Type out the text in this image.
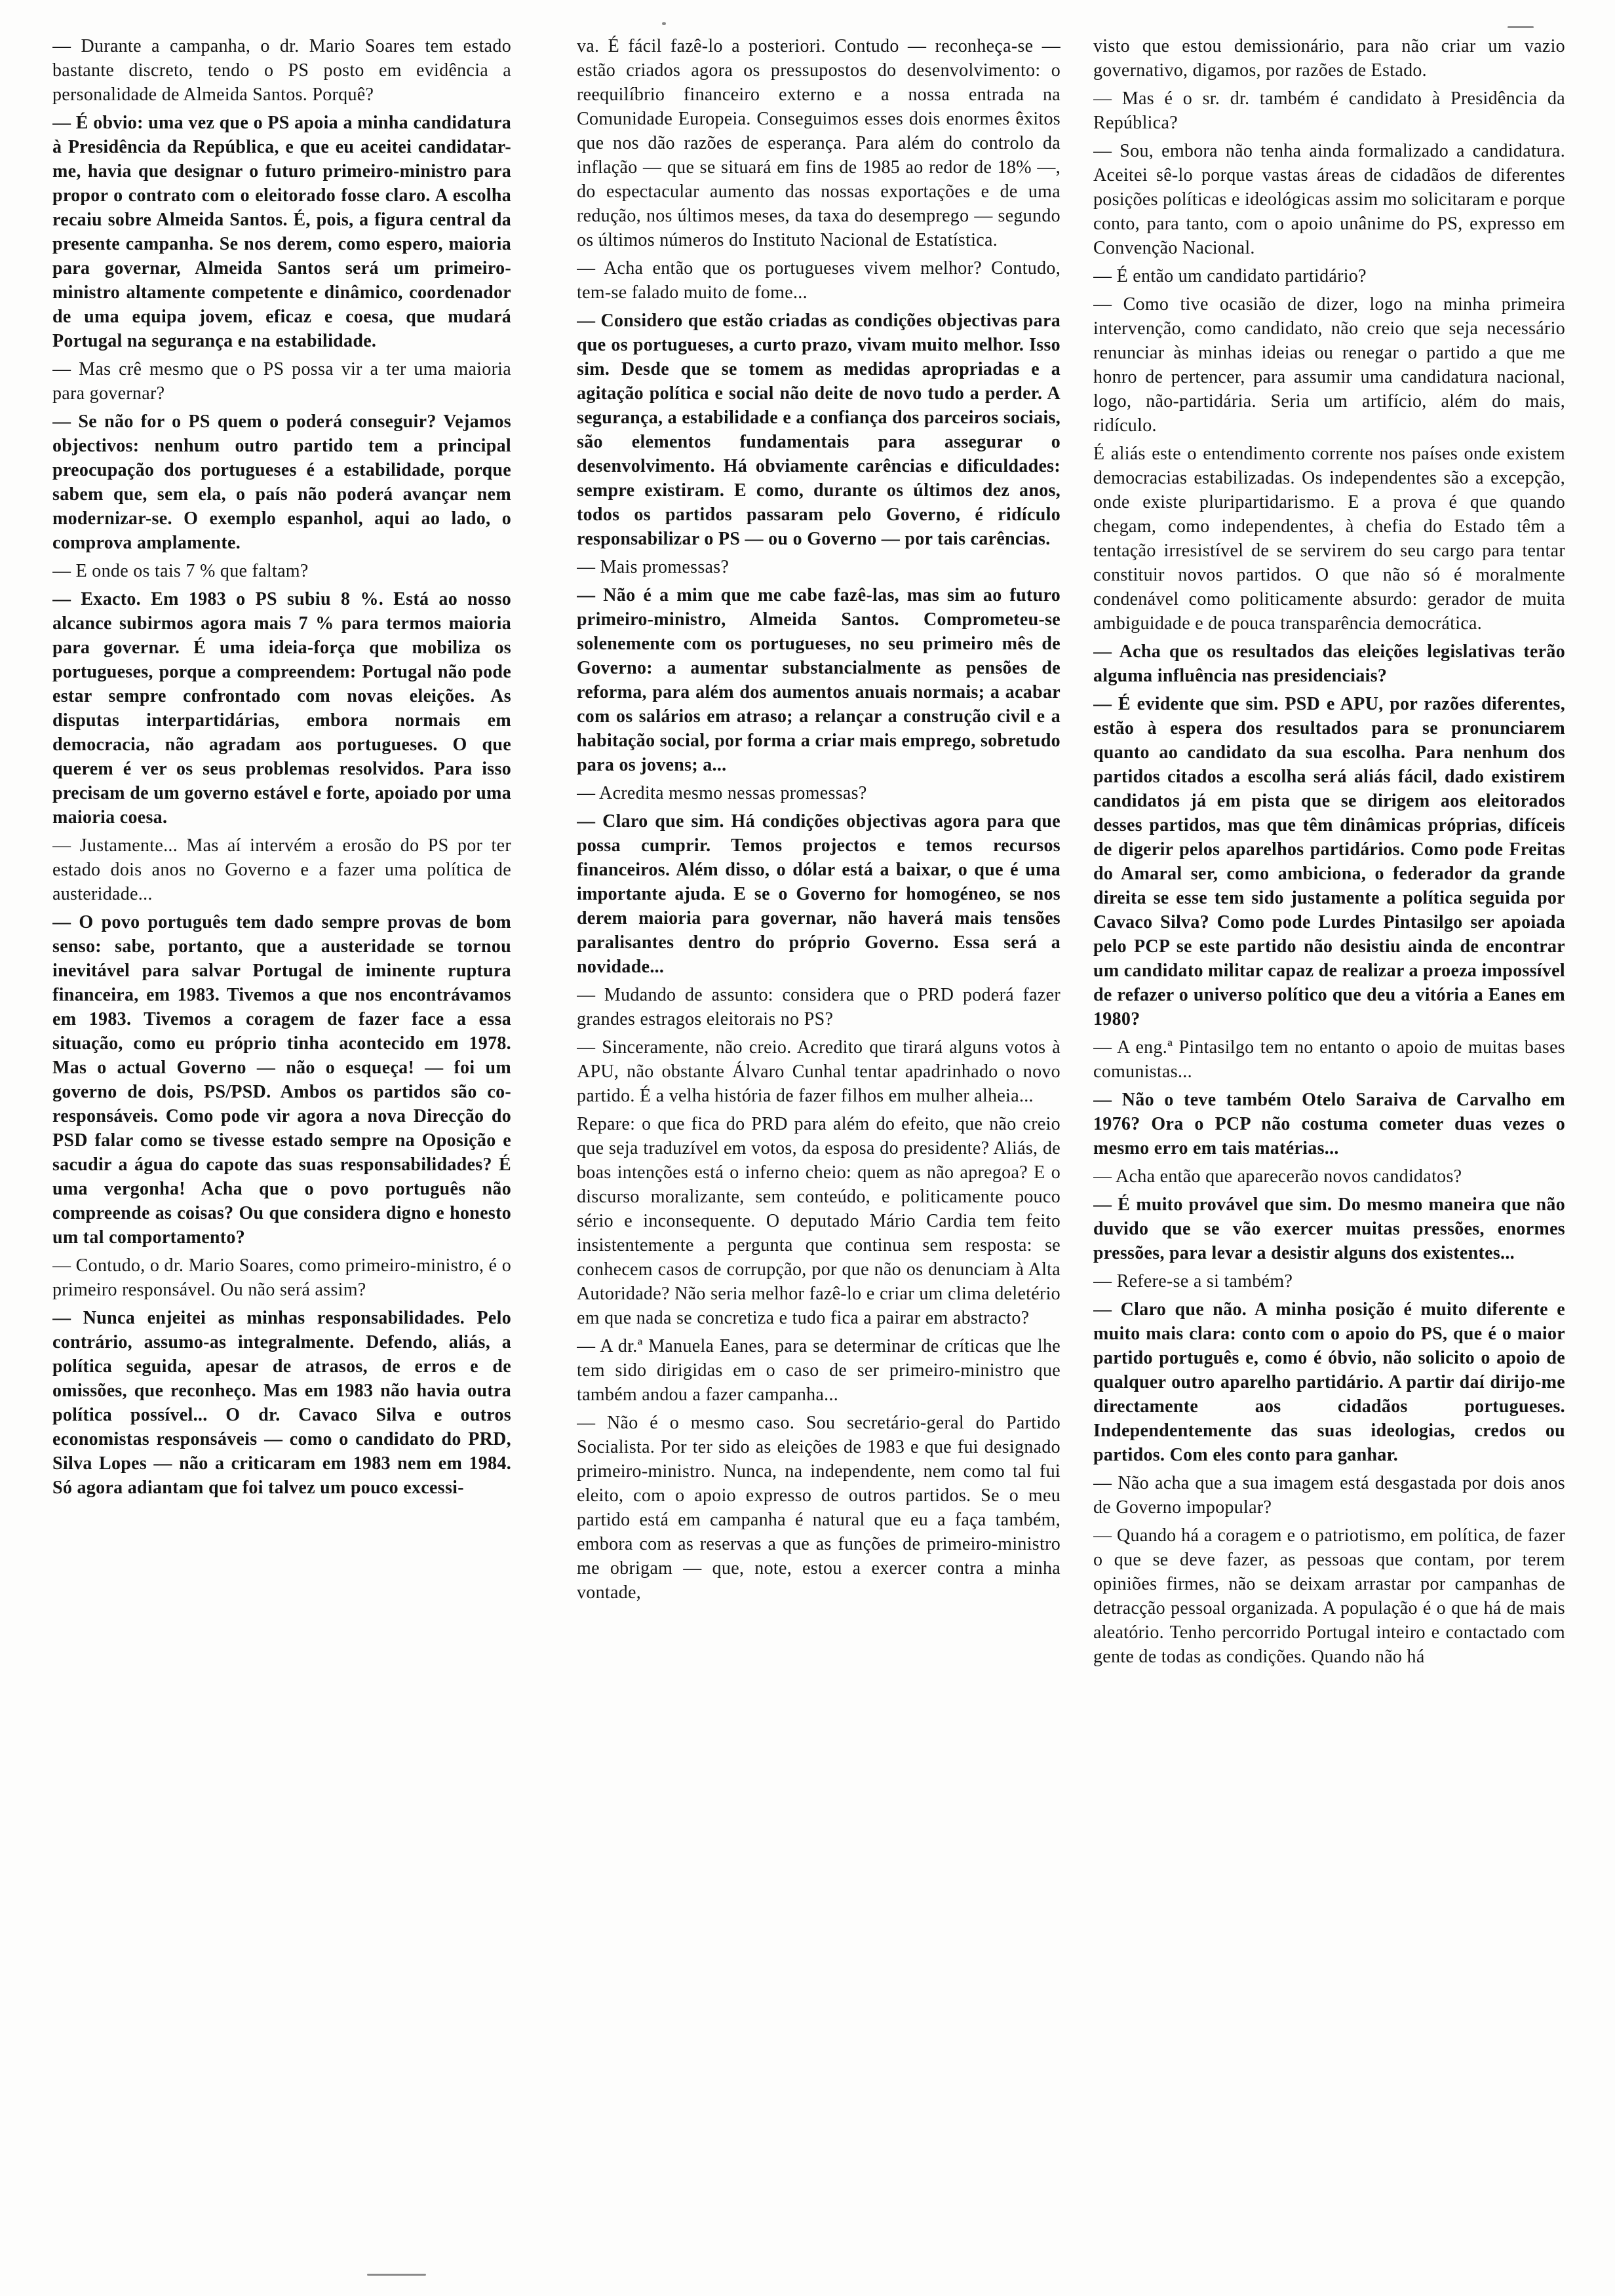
— Durante a campanha, o dr. Mario Soares tem estado bastante discreto, tendo o PS posto em evidência a personalidade de Almeida Santos. Porquê?

— É obvio: uma vez que o PS apoia a minha candidatura à Presidência da República, e que eu aceitei candidatar-me, havia que designar o futuro primeiro-ministro para propor o contrato com o eleitorado fosse claro. A escolha recaiu sobre Almeida Santos. É, pois, a figura central da presente campanha. Se nos derem, como espero, maioria para governar, Almeida Santos será um primeiro-ministro altamente competente e dinâmico, coordenador de uma equipa jovem, eficaz e coesa, que mudará Portugal na segurança e na estabilidade.

— Mas crê mesmo que o PS possa vir a ter uma maioria para governar?

— Se não for o PS quem o poderá conseguir? Vejamos objectivos: nenhum outro partido tem a principal preocupação dos portugueses é a estabilidade, porque sabem que, sem ela, o país não poderá avançar nem modernizar-se. O exemplo espanhol, aqui ao lado, o comprova amplamente.

— E onde os tais 7 % que faltam?

— Exacto. Em 1983 o PS subiu 8 %. Está ao nosso alcance subirmos agora mais 7 % para termos maioria para governar. É uma ideia-força que mobiliza os portugueses, porque a compreendem: Portugal não pode estar sempre confrontado com novas eleições. As disputas interpartidárias, embora normais em democracia, não agradam aos portugueses. O que querem é ver os seus problemas resolvidos. Para isso precisam de um governo estável e forte, apoiado por uma maioria coesa.

— Justamente... Mas aí intervém a erosão do PS por ter estado dois anos no Governo e a fazer uma política de austeridade...

— O povo português tem dado sempre provas de bom senso: sabe, portanto, que a austeridade se tornou inevitável para salvar Portugal de iminente ruptura financeira, em 1983. Tivemos a que nos encontrávamos em 1983. Tivemos a coragem de fazer face a essa situação, como eu próprio tinha acontecido em 1978. Mas o actual Governo — não o esqueça! — foi um governo de dois, PS/PSD. Ambos os partidos são co-responsáveis. Como pode vir agora a nova Direcção do PSD falar como se tivesse estado sempre na Oposição e sacudir a água do capote das suas responsabilidades? É uma vergonha! Acha que o povo português não compreende as coisas? Ou que considera digno e honesto um tal comportamento?

— Contudo, o dr. Mario Soares, como primeiro-ministro, é o primeiro responsável. Ou não será assim?

— Nunca enjeitei as minhas responsabilidades. Pelo contrário, assumo-as integralmente. Defendo, aliás, a política seguida, apesar de atrasos, de erros e de omissões, que reconheço. Mas em 1983 não havia outra política possível... O dr. Cavaco Silva e outros economistas responsáveis — como o candidato do PRD, Silva Lopes — não a criticaram em 1983 nem em 1984. Só agora adiantam que foi talvez um pouco excessi-

va. É fácil fazê-lo a posteriori. Contudo — reconheça-se — estão criados agora os pressupostos do desenvolvimento: o reequilíbrio financeiro externo e a nossa entrada na Comunidade Europeia. Conseguimos esses dois enormes êxitos que nos dão razões de esperança. Para além do controlo da inflação — que se situará em fins de 1985 ao redor de 18% —, do espectacular aumento das nossas exportações e de uma redução, nos últimos meses, da taxa do desemprego — segundo os últimos números do Instituto Nacional de Estatística.

— Acha então que os portugueses vivem melhor? Contudo, tem-se falado muito de fome...

— Considero que estão criadas as condições objectivas para que os portugueses, a curto prazo, vivam muito melhor. Isso sim. Desde que se tomem as medidas apropriadas e a agitação política e social não deite de novo tudo a perder. A segurança, a estabilidade e a confiança dos parceiros sociais, são elementos fundamentais para assegurar o desenvolvimento. Há obviamente carências e dificuldades: sempre existiram. E como, durante os últimos dez anos, todos os partidos passaram pelo Governo, é ridículo responsabilizar o PS — ou o Governo — por tais carências.

— Mais promessas?

— Não é a mim que me cabe fazê-las, mas sim ao futuro primeiro-ministro, Almeida Santos. Comprometeu-se solenemente com os portugueses, no seu primeiro mês de Governo: a aumentar substancialmente as pensões de reforma, para além dos aumentos anuais normais; a acabar com os salários em atraso; a relançar a construção civil e a habitação social, por forma a criar mais emprego, sobretudo para os jovens; a...

— Acredita mesmo nessas promessas?

— Claro que sim. Há condições objectivas agora para que possa cumprir. Temos projectos e temos recursos financeiros. Além disso, o dólar está a baixar, o que é uma importante ajuda. E se o Governo for homogéneo, se nos derem maioria para governar, não haverá mais tensões paralisantes dentro do próprio Governo. Essa será a novidade...

— Mudando de assunto: considera que o PRD poderá fazer grandes estragos eleitorais no PS?

— Sinceramente, não creio. Acredito que tirará alguns votos à APU, não obstante Álvaro Cunhal tentar apadrinhado o novo partido. É a velha história de fazer filhos em mulher alheia...

Repare: o que fica do PRD para além do efeito, que não creio que seja traduzível em votos, da esposa do presidente? Aliás, de boas intenções está o inferno cheio: quem as não apregoa? E o discurso moralizante, sem conteúdo, e politicamente pouco sério e inconsequente. O deputado Mário Cardia tem feito insistentemente a pergunta que continua sem resposta: se conhecem casos de corrupção, por que não os denunciam à Alta Autoridade? Não seria melhor fazê-lo e criar um clima deletério em que nada se concretiza e tudo fica a pairar em abstracto?

— A dr.ª Manuela Eanes, para se determinar de críticas que lhe tem sido dirigidas em o caso de ser primeiro-ministro que também andou a fazer campanha...

— Não é o mesmo caso. Sou secretário-geral do Partido Socialista. Por ter sido as eleições de 1983 e que fui designado primeiro-ministro. Nunca, na independente, nem como tal fui eleito, com o apoio expresso de outros partidos. Se o meu partido está em campanha é natural que eu a faça também, embora com as reservas a que as funções de primeiro-ministro me obrigam — que, note, estou a exercer contra a minha vontade,

visto que estou demissionário, para não criar um vazio governativo, digamos, por razões de Estado.

— Mas é o sr. dr. também é candidato à Presidência da República?

— Sou, embora não tenha ainda formalizado a candidatura. Aceitei sê-lo porque vastas áreas de cidadãos de diferentes posições políticas e ideológicas assim mo solicitaram e porque conto, para tanto, com o apoio unânime do PS, expresso em Convenção Nacional.

— É então um candidato partidário?

— Como tive ocasião de dizer, logo na minha primeira intervenção, como candidato, não creio que seja necessário renunciar às minhas ideias ou renegar o partido a que me honro de pertencer, para assumir uma candidatura nacional, logo, não-partidária. Seria um artifício, além do mais, ridículo.

É aliás este o entendimento corrente nos países onde existem democracias estabilizadas. Os independentes são a excepção, onde existe pluripartidarismo. E a prova é que quando chegam, como independentes, à chefia do Estado têm a tentação irresistível de se servirem do seu cargo para tentar constituir novos partidos. O que não só é moralmente condenável como politicamente absurdo: gerador de muita ambiguidade e de pouca transparência democrática.

— Acha que os resultados das eleições legislativas terão alguma influência nas presidenciais?

— É evidente que sim. PSD e APU, por razões diferentes, estão à espera dos resultados para se pronunciarem quanto ao candidato da sua escolha. Para nenhum dos partidos citados a escolha será aliás fácil, dado existirem candidatos já em pista que se dirigem aos eleitorados desses partidos, mas que têm dinâmicas próprias, difíceis de digerir pelos aparelhos partidários. Como pode Freitas do Amaral ser, como ambiciona, o federador da grande direita se esse tem sido justamente a política seguida por Cavaco Silva? Como pode Lurdes Pintasilgo ser apoiada pelo PCP se este partido não desistiu ainda de encontrar um candidato militar capaz de realizar a proeza impossível de refazer o universo político que deu a vitória a Eanes em 1980?

— A eng.ª Pintasilgo tem no entanto o apoio de muitas bases comunistas...

— Não o teve também Otelo Saraiva de Carvalho em 1976? Ora o PCP não costuma cometer duas vezes o mesmo erro em tais matérias...

— Acha então que aparecerão novos candidatos?

— É muito provável que sim. Do mesmo maneira que não duvido que se vão exercer muitas pressões, enormes pressões, para levar a desistir alguns dos existentes...

— Refere-se a si também?

— Claro que não. A minha posição é muito diferente e muito mais clara: conto com o apoio do PS, que é o maior partido português e, como é óbvio, não solicito o apoio de qualquer outro aparelho partidário. A partir daí dirijo-me directamente aos cidadãos portugueses. Independentemente das suas ideologias, credos ou partidos. Com eles conto para ganhar.

— Não acha que a sua imagem está desgastada por dois anos de Governo impopular?

— Quando há a coragem e o patriotismo, em política, de fazer o que se deve fazer, as pessoas que contam, por terem opiniões firmes, não se deixam arrastar por campanhas de detracção pessoal organizada. A população é o que há de mais aleatório. Tenho percorrido Portugal inteiro e contactado com gente de todas as condições. Quando não há
